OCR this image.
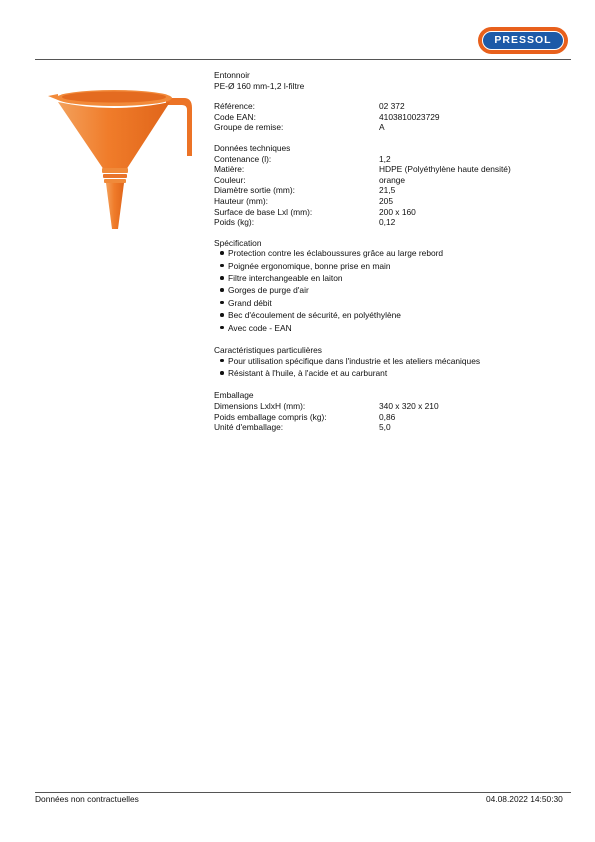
PRESSOL
Entonnoir
PE-Ø 160 mm-1,2 l-filtre
Référence:	02 372
Code EAN:	4103810023729
Groupe de remise:	A
Données techniques
Contenance (l):	1,2
Matière:	HDPE (Polyéthylène haute densité)
Couleur:	orange
Diamètre sortie (mm):	21,5
Hauteur (mm):	205
Surface de base Lxl (mm):	200 x 160
Poids (kg):	0,12
Spécification
Protection contre les éclaboussures grâce au large rebord
Poignée ergonomique, bonne prise en main
Filtre interchangeable en laiton
Gorges de purge d'air
Grand débit
Bec d'écoulement de sécurité, en polyéthylène
Avec code - EAN
Caractéristiques particulières
Pour utilisation spécifique dans l'industrie et les ateliers mécaniques
Résistant à l'huile, à l'acide et au carburant
Emballage
Dimensions LxlxH (mm):	340 x 320 x 210
Poids emballage compris (kg):	0,86
Unité d'emballage:	5,0
Données non contractuelles	04.08.2022 14:50:30
